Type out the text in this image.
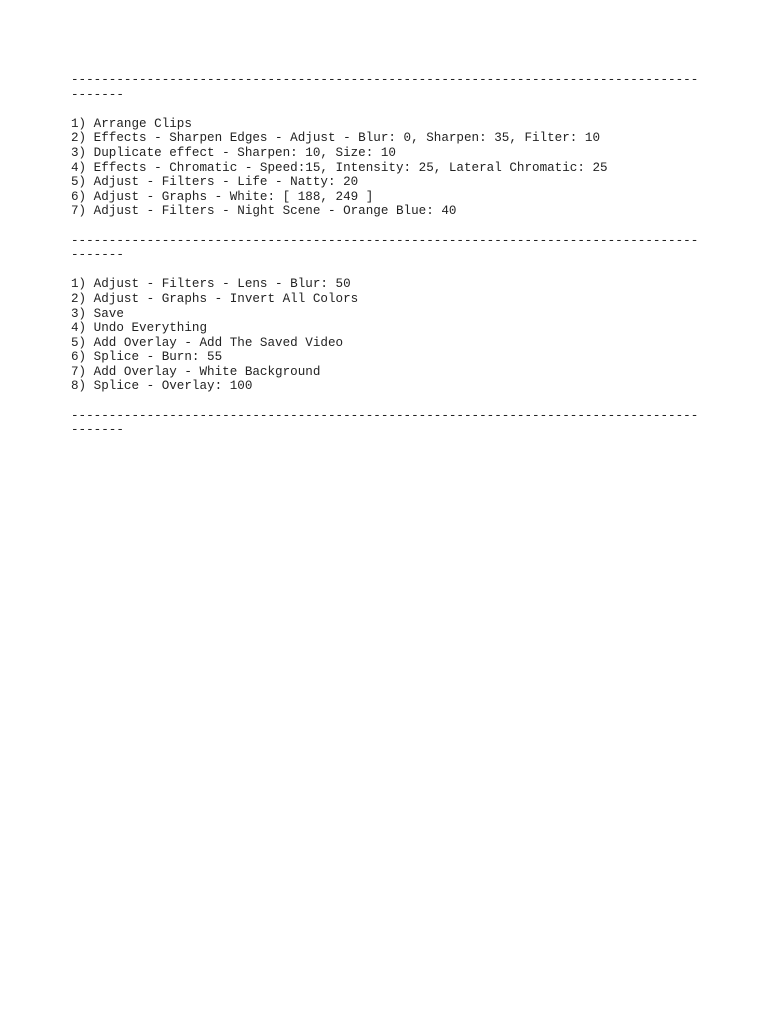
-----------------------------------------------------------------------------------
-------
1) Arrange Clips
2) Effects - Sharpen Edges - Adjust - Blur: 0, Sharpen: 35, Filter: 10
3) Duplicate effect - Sharpen: 10, Size: 10
4) Effects - Chromatic - Speed:15, Intensity: 25, Lateral Chromatic: 25
5) Adjust - Filters - Life - Natty: 20
6) Adjust - Graphs - White: [ 188, 249 ]
7) Adjust - Filters - Night Scene - Orange Blue: 40
-----------------------------------------------------------------------------------
-------
1) Adjust - Filters - Lens - Blur: 50
2) Adjust - Graphs - Invert All Colors
3) Save
4) Undo Everything
5) Add Overlay - Add The Saved Video
6) Splice - Burn: 55
7) Add Overlay - White Background
8) Splice - Overlay: 100
-----------------------------------------------------------------------------------
-------
